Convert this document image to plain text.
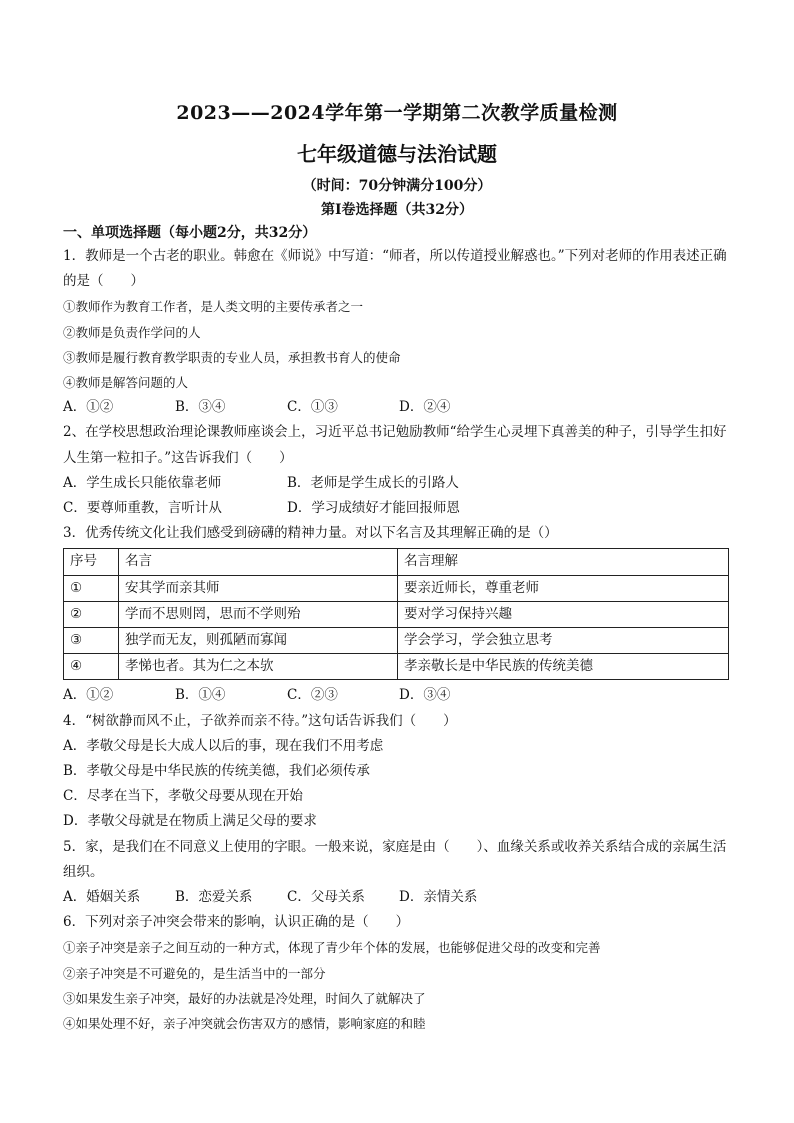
2023——2024学年第一学期第二次教学质量检测
七年级道德与法治试题
（时间：70分钟满分100分）
第I卷选择题（共32分）
一、单项选择题（每小题2分，共32分）
1．教师是一个古老的职业。韩愈在《师说》中写道：“师者，所以传道授业解惑也。”下列对老师的作用表述正确的是（　　）
①教师作为教育工作者，是人类文明的主要传承者之一
②教师是负责作学问的人
③教师是履行教育教学职责的专业人员，承担教书育人的使命
④教师是解答问题的人
A．①②	B．③④	C．①③	D．②④
2、在学校思想政治理论课教师座谈会上，习近平总书记勉励教师“给学生心灵埋下真善美的种子，引导学生扣好人生第一粒扣子。”这告诉我们（　　）
A．学生成长只能依靠老师	B．老师是学生成长的引路人
C．要尊师重教，言听计从	D．学习成绩好才能回报师恩
3．优秀传统文化让我们感受到磅礴的精神力量。对以下名言及其理解正确的是（）
序号	名言	名言理解
①	安其学而亲其师	要亲近师长，尊重老师
②	学而不思则罔，思而不学则殆	要对学习保持兴趣
③	独学而无友，则孤陋而寡闻	学会学习，学会独立思考
④	孝悌也者。其为仁之本欤	孝亲敬长是中华民族的传统美德
A．①②	B．①④	C．②③	D．③④
4．“树欲静而风不止，子欲养而亲不待。”这句话告诉我们（　　）
A．孝敬父母是长大成人以后的事，现在我们不用考虑
B．孝敬父母是中华民族的传统美德，我们必须传承
C．尽孝在当下，孝敬父母要从现在开始
D．孝敬父母就是在物质上满足父母的要求
5．家，是我们在不同意义上使用的字眼。一般来说，家庭是由（　　）、血缘关系或收养关系结合成的亲属生活组织。
A．婚姻关系	B．恋爱关系	C．父母关系	D．亲情关系
6．下列对亲子冲突会带来的影响，认识正确的是（　　）
①亲子冲突是亲子之间互动的一种方式，体现了青少年个体的发展，也能够促进父母的改变和完善
②亲子冲突是不可避免的，是生活当中的一部分
③如果发生亲子冲突，最好的办法就是冷处理，时间久了就解决了
④如果处理不好，亲子冲突就会伤害双方的感情，影响家庭的和睦
